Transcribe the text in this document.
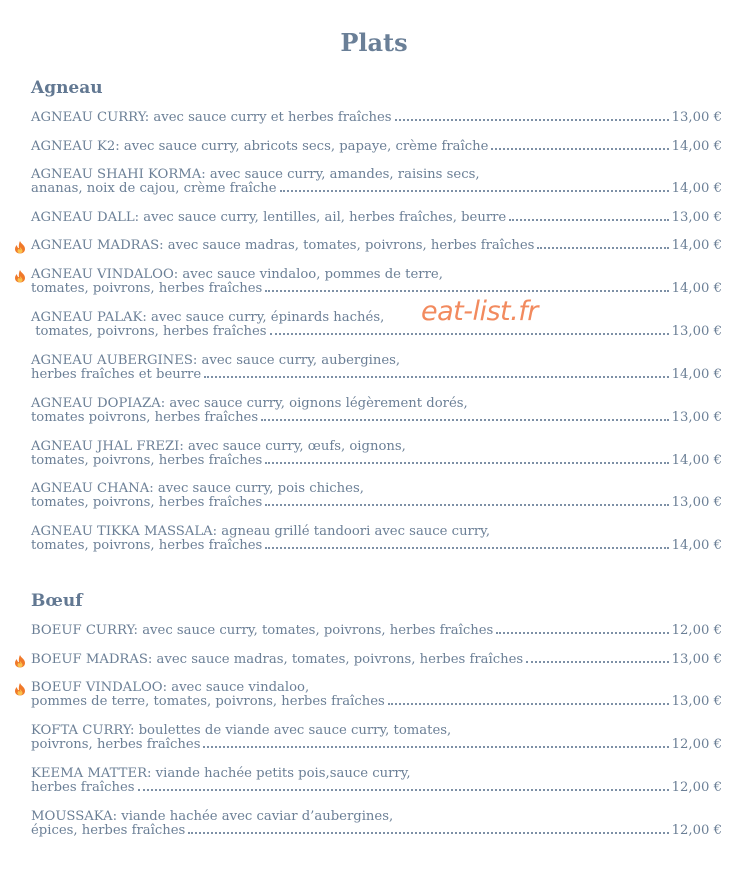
Plats
Agneau
Bœuf
AGNEAU CURRY: avec sauce curry et herbes fraîches	13,00 €
AGNEAU K2: avec sauce curry, abricots secs, papaye, crème fraîche	14,00 €
AGNEAU SHAHI KORMA: avec sauce curry, amandes, raisins secs,
ananas, noix de cajou, crème fraîche	14,00 €
AGNEAU DALL: avec sauce curry, lentilles, ail, herbes fraîches, beurre	13,00 €
AGNEAU MADRAS: avec sauce madras, tomates, poivrons, herbes fraîches	14,00 €
AGNEAU VINDALOO: avec sauce vindaloo, pommes de terre,
tomates, poivrons, herbes fraîches	14,00 €
AGNEAU PALAK: avec sauce curry, épinards hachés,
tomates, poivrons, herbes fraîches	13,00 €
AGNEAU AUBERGINES: avec sauce curry, aubergines,
herbes fraîches et beurre	14,00 €
AGNEAU DOPIAZA: avec sauce curry, oignons légèrement dorés,
tomates poivrons, herbes fraîches	13,00 €
AGNEAU JHAL FREZI: avec sauce curry, œufs, oignons,
tomates, poivrons, herbes fraîches	14,00 €
AGNEAU CHANA: avec sauce curry, pois chiches,
tomates, poivrons, herbes fraîches	13,00 €
AGNEAU TIKKA MASSALA: agneau grillé tandoori avec sauce curry,
tomates, poivrons, herbes fraîches	14,00 €
BOEUF CURRY: avec sauce curry, tomates, poivrons, herbes fraîches	12,00 €
BOEUF MADRAS: avec sauce madras, tomates, poivrons, herbes fraîches	13,00 €
BOEUF VINDALOO: avec sauce vindaloo,
pommes de terre, tomates, poivrons, herbes fraîches	13,00 €
KOFTA CURRY: boulettes de viande avec sauce curry, tomates,
poivrons, herbes fraîches	12,00 €
KEEMA MATTER: viande hachée petits pois,sauce curry,
herbes fraîches	12,00 €
MOUSSAKA: viande hachée avec caviar d’aubergines,
épices, herbes fraîches	12,00 €
eat-list.fr
